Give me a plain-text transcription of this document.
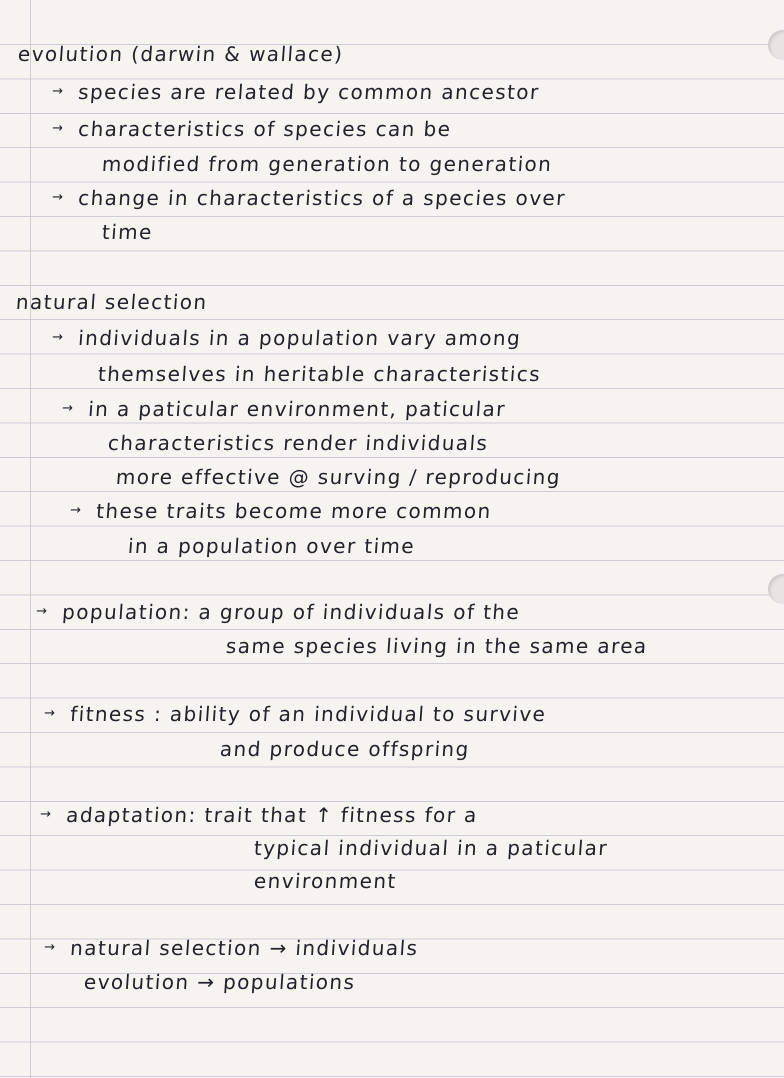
evolution (darwin & wallace)
→ species are related by common ancestor
→ characteristics of species can be
modified from generation to generation
→ change in characteristics of a species over
time
natural selection
→ individuals in a population vary among
themselves in heritable characteristics
→ in a paticular environment, paticular
characteristics render individuals
more effective @ surving / reproducing
→ these traits become more common
in a population over time
→ population: a group of individuals of the
same species living in the same area
→ fitness : ability of an individual to survive
and produce offspring
→ adaptation: trait that ↑ fitness for a
typical individual in a paticular
environment
→ natural selection → individuals
evolution → populations
